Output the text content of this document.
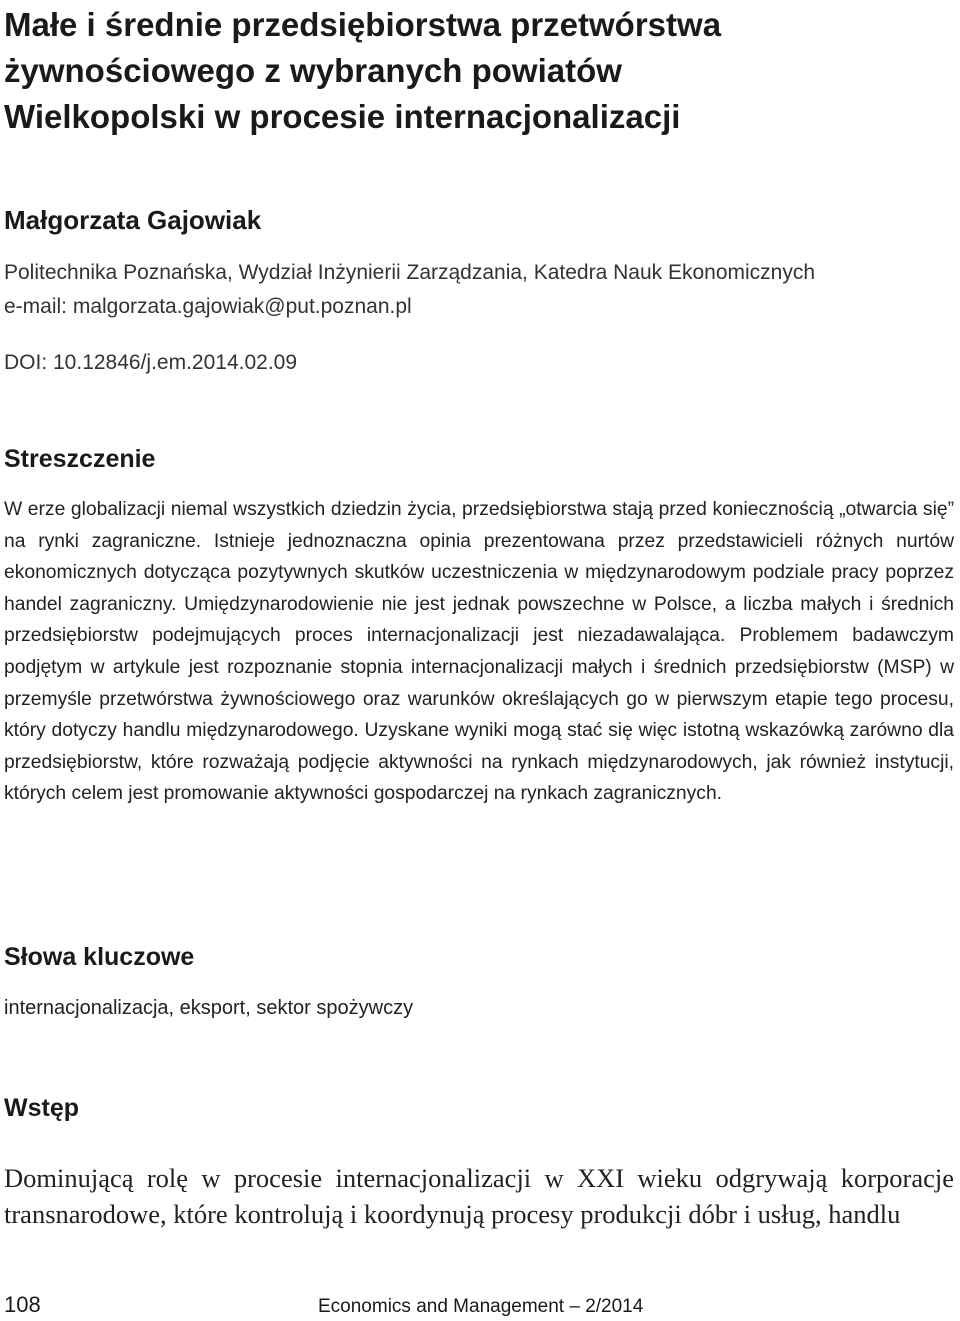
Małe i średnie przedsiębiorstwa przetwórstwa
żywnościowego z wybranych powiatów
Wielkopolski w procesie internacjonalizacji
Małgorzata Gajowiak
Politechnika Poznańska, Wydział Inżynierii Zarządzania, Katedra Nauk Ekonomicznych
e-mail: malgorzata.gajowiak@put.poznan.pl
DOI: 10.12846/j.em.2014.02.09
Streszczenie

W erze globalizacji niemal wszystkich dziedzin życia, przedsiębiorstwa stają przed koniecznością „otwarcia się” na rynki zagraniczne. Istnieje jednoznaczna opinia prezentowana przez przedstawicieli różnych nurtów ekonomicznych dotycząca pozytywnych skutków uczestniczenia w międzynarodowym podziale pracy poprzez handel zagraniczny. Umiędzynarodowienie nie jest jednak powszechne w Polsce, a liczba małych i średnich przedsiębiorstw podejmujących proces internacjonalizacji jest niezadawalająca. Problemem badawczym podjętym w artykule jest rozpoznanie stopnia internacjonalizacji małych i średnich przedsiębiorstw (MSP) w przemyśle przetwórstwa żywnościowego oraz warunków określających go w pierwszym etapie tego procesu, który dotyczy handlu międzynarodowego. Uzyskane wyniki mogą stać się więc istotną wskazówką zarówno dla przedsiębiorstw, które rozważają podjęcie aktywności na rynkach międzynarodowych, jak również instytucji, których celem jest promowanie aktywności gospodarczej na rynkach zagranicznych.

Słowa kluczowe

internacjonalizacja, eksport, sektor spożywczy

Wstęp

Dominującą rolę w procesie internacjonalizacji w XXI wieku odgrywają korporacje transnarodowe, które kontrolują i koordynują procesy produkcji dóbr i usług, handlu

108	Economics and Management – 2/2014
